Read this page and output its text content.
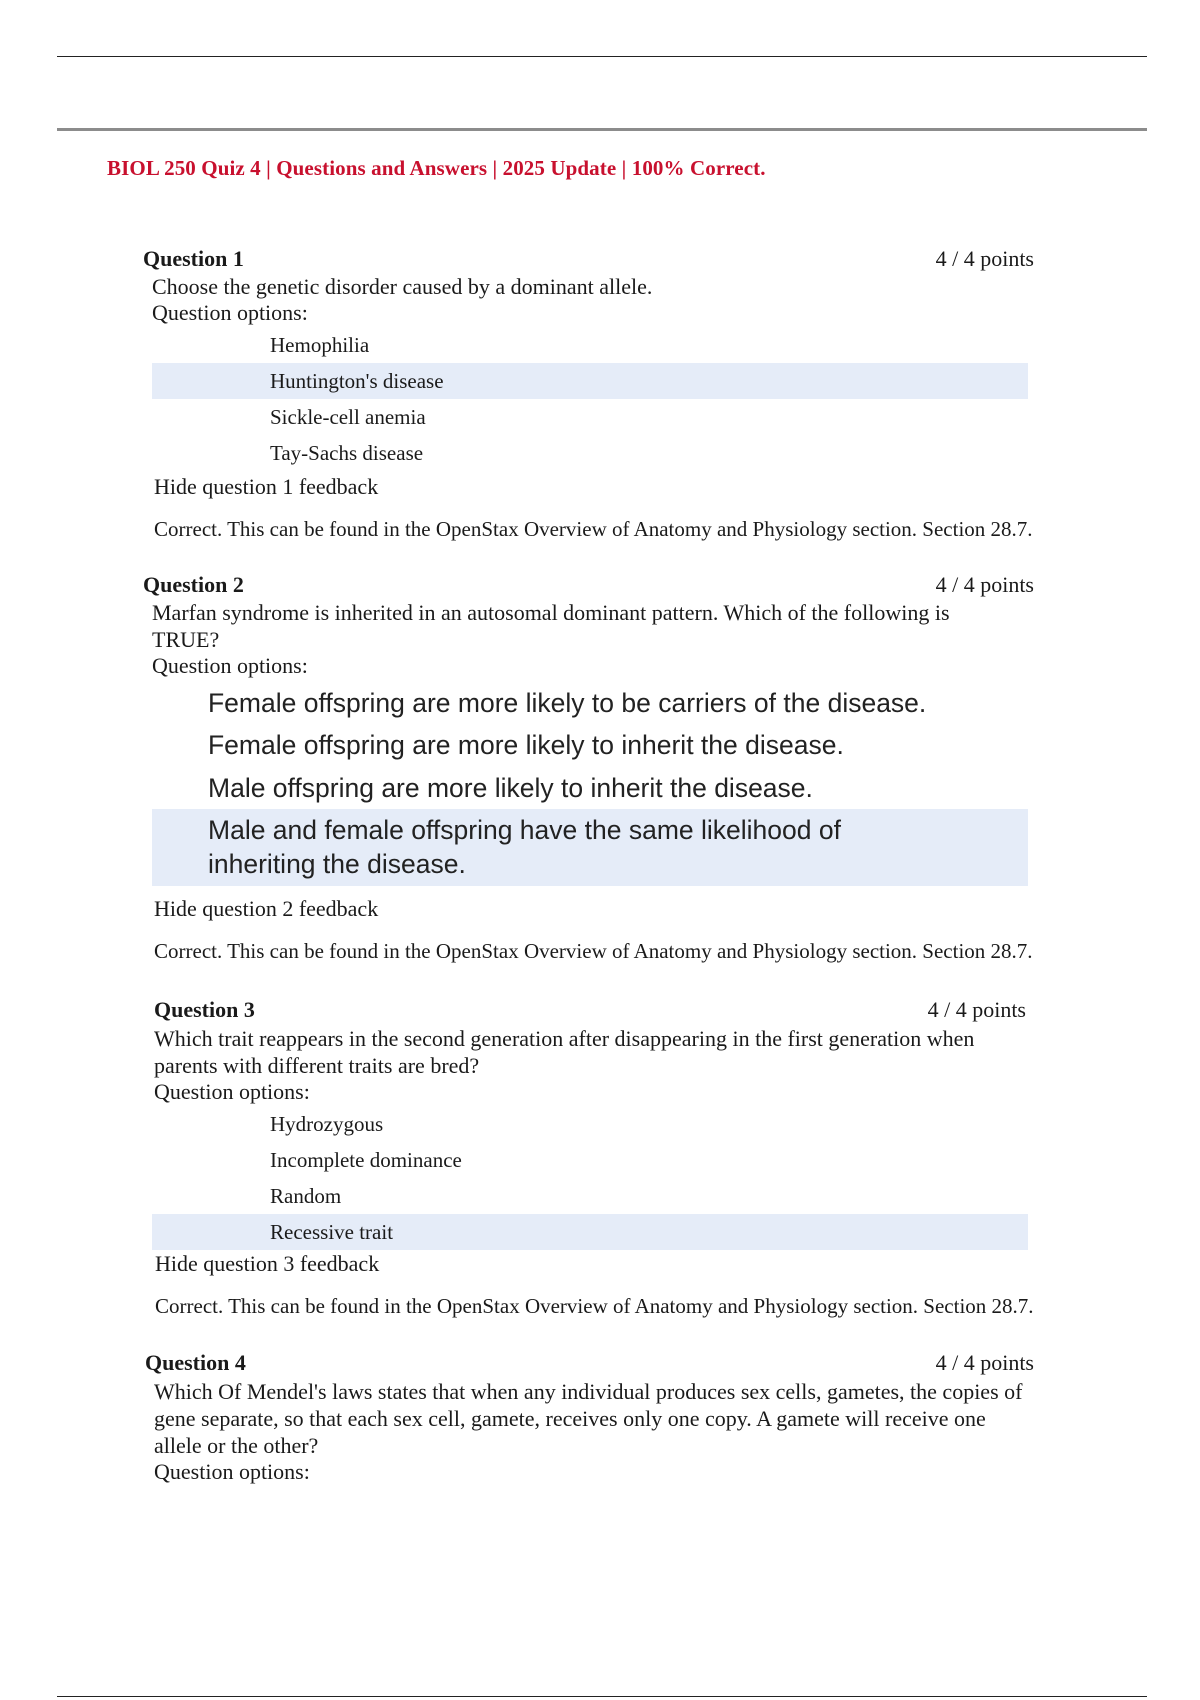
BIOL 250 Quiz 4 | Questions and Answers | 2025 Update | 100% Correct.
Question 1	4 / 4 points
Choose the genetic disorder caused by a dominant allele.
Question options:
Hemophilia
Huntington's disease
Sickle-cell anemia
Tay-Sachs disease
Hide question 1 feedback
Correct. This can be found in the OpenStax Overview of Anatomy and Physiology section. Section 28.7.
Question 2	4 / 4 points
Marfan syndrome is inherited in an autosomal dominant pattern. Which of the following is TRUE?
Question options:
Female offspring are more likely to be carriers of the disease.
Female offspring are more likely to inherit the disease.
Male offspring are more likely to inherit the disease.
Male and female offspring have the same likelihood of inheriting the disease.
Hide question 2 feedback
Correct. This can be found in the OpenStax Overview of Anatomy and Physiology section. Section 28.7.
Question 3	4 / 4 points
Which trait reappears in the second generation after disappearing in the first generation when parents with different traits are bred?
Question options:
Hydrozygous
Incomplete dominance
Random
Recessive trait
Hide question 3 feedback
Correct. This can be found in the OpenStax Overview of Anatomy and Physiology section. Section 28.7.
Question 4	4 / 4 points
Which Of Mendel's laws states that when any individual produces sex cells, gametes, the copies of gene separate, so that each sex cell, gamete, receives only one copy. A gamete will receive one allele or the other?
Question options:
